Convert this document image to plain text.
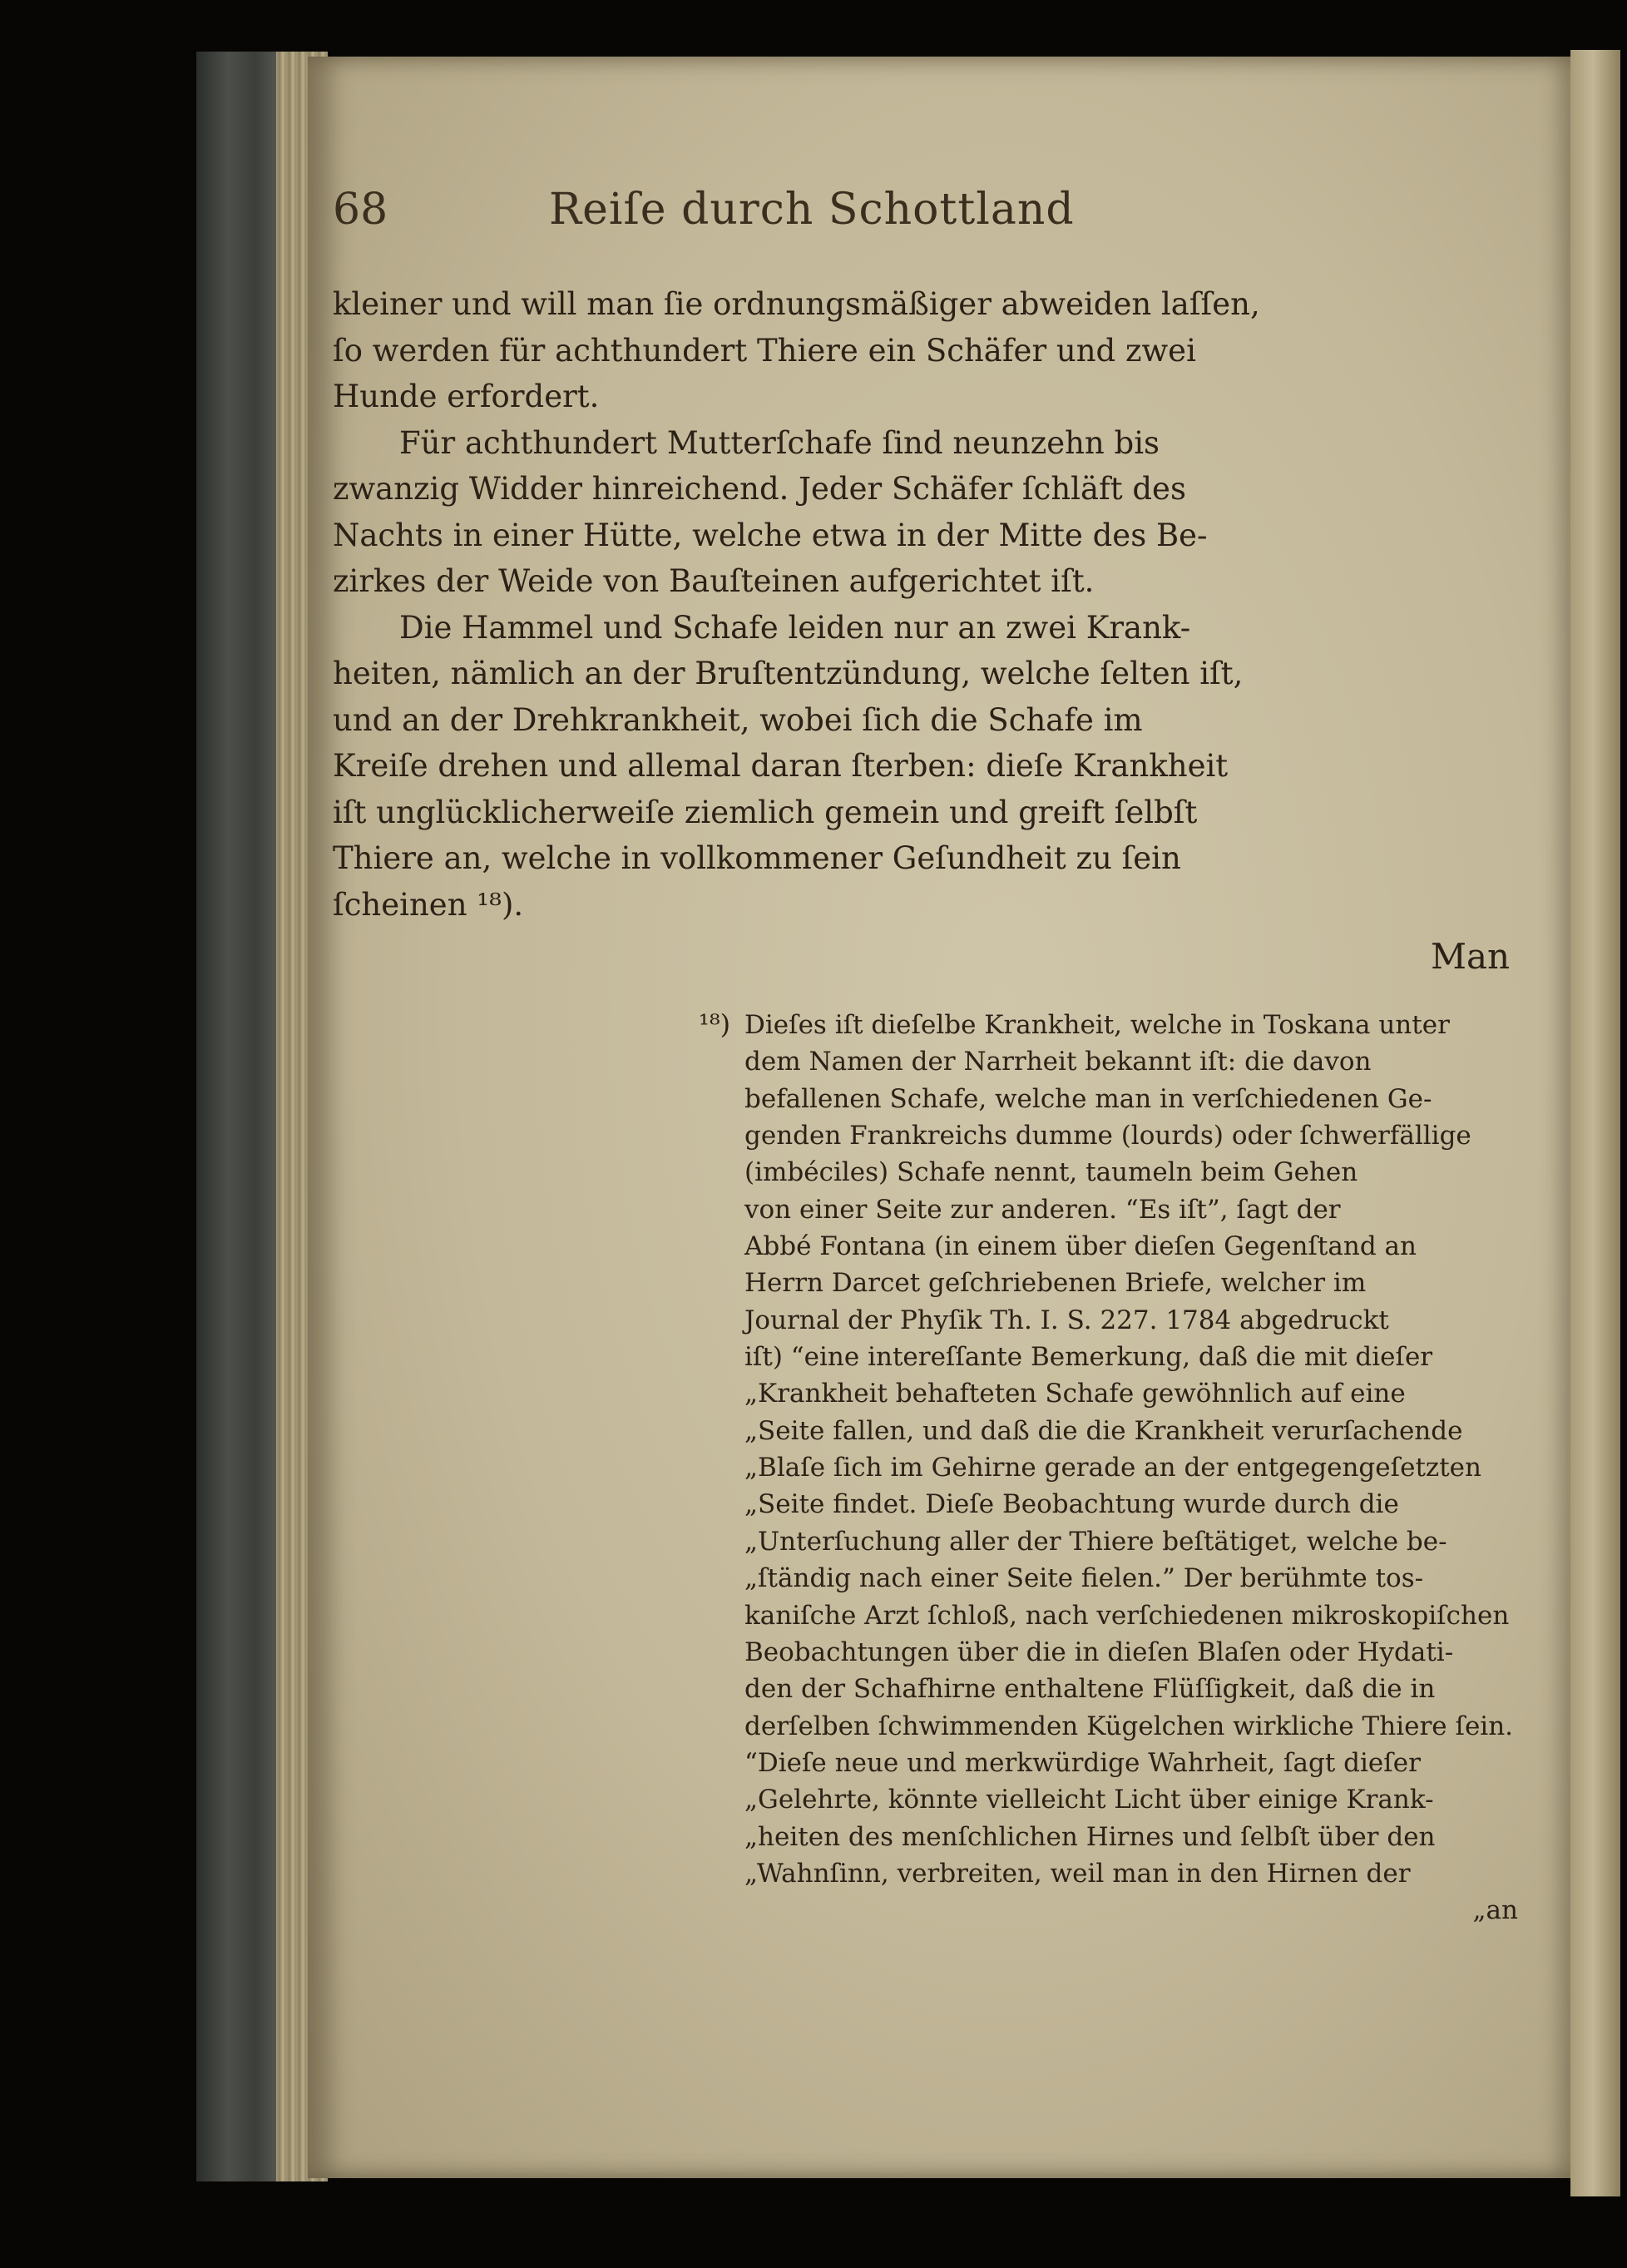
68	Reiſe durch Schottland
kleiner und will man ſie ordnungsmäßiger abweiden laſſen,
ſo werden für achthundert Thiere ein Schäfer und zwei
Hunde erfordert.
Für achthundert Mutterſchafe ſind neunzehn bis
zwanzig Widder hinreichend. Jeder Schäfer ſchläft des
Nachts in einer Hütte, welche etwa in der Mitte des Be-
zirkes der Weide von Bauſteinen aufgerichtet iſt.
Die Hammel und Schafe leiden nur an zwei Krank-
heiten, nämlich an der Bruſtentzündung, welche ſelten iſt,
und an der Drehkrankheit, wobei ſich die Schafe im
Kreiſe drehen und allemal daran ſterben: dieſe Krankheit
iſt unglücklicherweiſe ziemlich gemein und greift ſelbſt
Thiere an, welche in vollkommener Geſundheit zu ſein
ſcheinen ¹⁸).
Man
¹⁸) Dieſes iſt dieſelbe Krankheit, welche in Toskana unter
dem Namen der Narrheit bekannt iſt: die davon
befallenen Schafe, welche man in verſchiedenen Ge-
genden Frankreichs dumme (lourds) oder ſchwerfällige
(imbéciles) Schafe nennt, taumeln beim Gehen
von einer Seite zur anderen. “Es iſt”, ſagt der
Abbé Fontana (in einem über dieſen Gegenſtand an
Herrn Darcet geſchriebenen Briefe, welcher im
Journal der Phyſik Th. I. S. 227. 1784 abgedruckt
iſt) “eine intereſſante Bemerkung, daß die mit dieſer
„Krankheit behafteten Schafe gewöhnlich auf eine
„Seite fallen, und daß die die Krankheit verurſachende
„Blaſe ſich im Gehirne gerade an der entgegengeſetzten
„Seite findet. Dieſe Beobachtung wurde durch die
„Unterſuchung aller der Thiere beſtätiget, welche be-
„ſtändig nach einer Seite fielen.” Der berühmte tos-
kaniſche Arzt ſchloß, nach verſchiedenen mikroskopiſchen
Beobachtungen über die in dieſen Blaſen oder Hydati-
den der Schafhirne enthaltene Flüſſigkeit, daß die in
derſelben ſchwimmenden Kügelchen wirkliche Thiere ſein.
“Dieſe neue und merkwürdige Wahrheit, ſagt dieſer
„Gelehrte, könnte vielleicht Licht über einige Krank-
„heiten des menſchlichen Hirnes und ſelbſt über den
„Wahnſinn, verbreiten, weil man in den Hirnen der
„an
